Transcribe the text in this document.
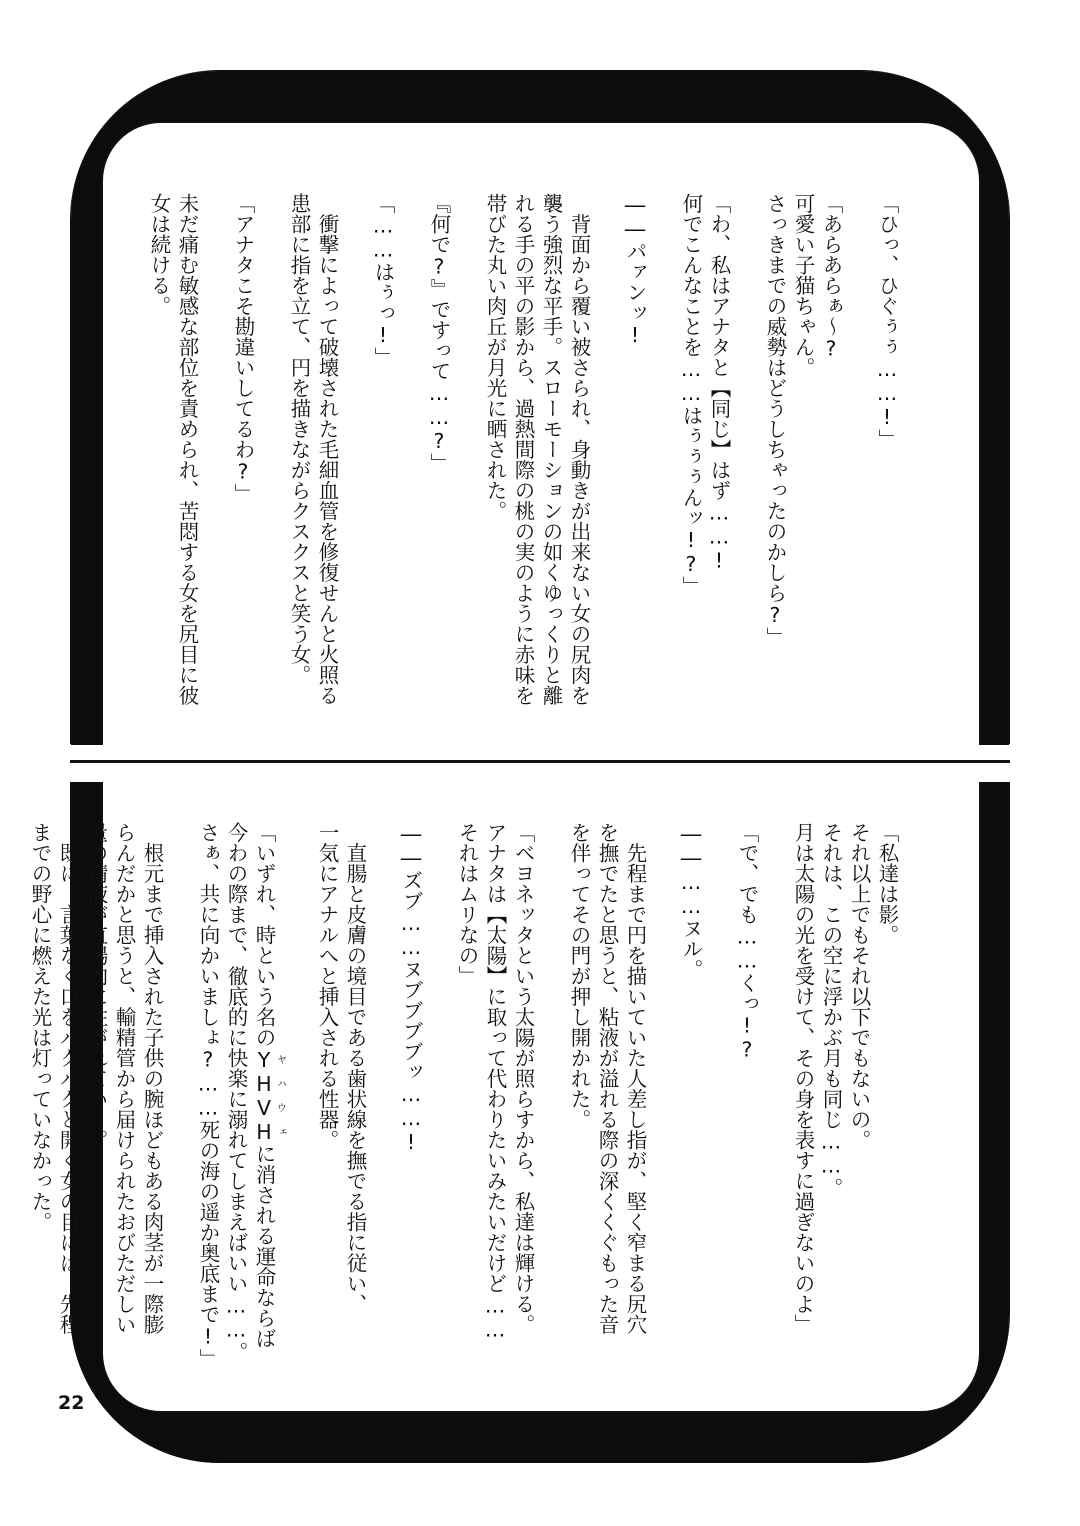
「ひっ、ひぐぅぅ……!」

「あらあらぁ〜?
可愛い子猫ちゃん。
さっきまでの威勢はどうしちゃったのかしら?」

「わ、私はアナタと【同じ】はず……!
何でこんなことを……はぅぅぅんッ!?」

――パァンッ!

　背面から覆い被さられ、身動きが出来ない女の尻肉を
襲う強烈な平手。スローモーションの如くゆっくりと離
れる手の平の影から、過熱間際の桃の実のように赤味を
帯びた丸い肉丘が月光に晒された。

『何で?』ですって……?」

「……はぅっ!」

　衝撃によって破壊された毛細血管を修復せんと火照る
患部に指を立て、円を描きながらクスクスと笑う女。

「アナタこそ勘違いしてるわ?」

未だ痛む敏感な部位を責められ、苦悶する女を尻目に彼
女は続ける。
「私達は影。
それ以上でもそれ以下でもないの。
それは、この空に浮かぶ月も同じ……。
月は太陽の光を受けて、その身を表すに過ぎないのよ」

「で、でも……くっ!?

――……ヌル。

　先程まで円を描いていた人差し指が、堅く窄まる尻穴
を撫でたと思うと、粘液が溢れる際の深くくぐもった音
を伴ってその門が押し開かれた。

「ベヨネッタという太陽が照らすから、私達は輝ける。
アナタは【太陽】に取って代わりたいみたいだけど……
それはムリなの」

――ズブ……ヌブブブブッ……!

　直腸と皮膚の境目である歯状線を撫でる指に従い、
一気にアナルへと挿入される性器。

「いずれ、時という名のYHVHヤハウェに消される運命ならば
今わの際まで、徹底的に快楽に溺れてしまえばいい……。
さぁ、共に向かいましょ?……死の海の遥か奥底まで!」

　根元まで挿入された子供の腕ほどもある肉茎が一際膨
らんだかと思うと、輸精管から届けられたおびただしい
量の精液が直腸内に注がれていく。
　既に、言葉なく口をパクパクと開く女の目には、先程
までの野心に燃えた光は灯っていなかった。
22
